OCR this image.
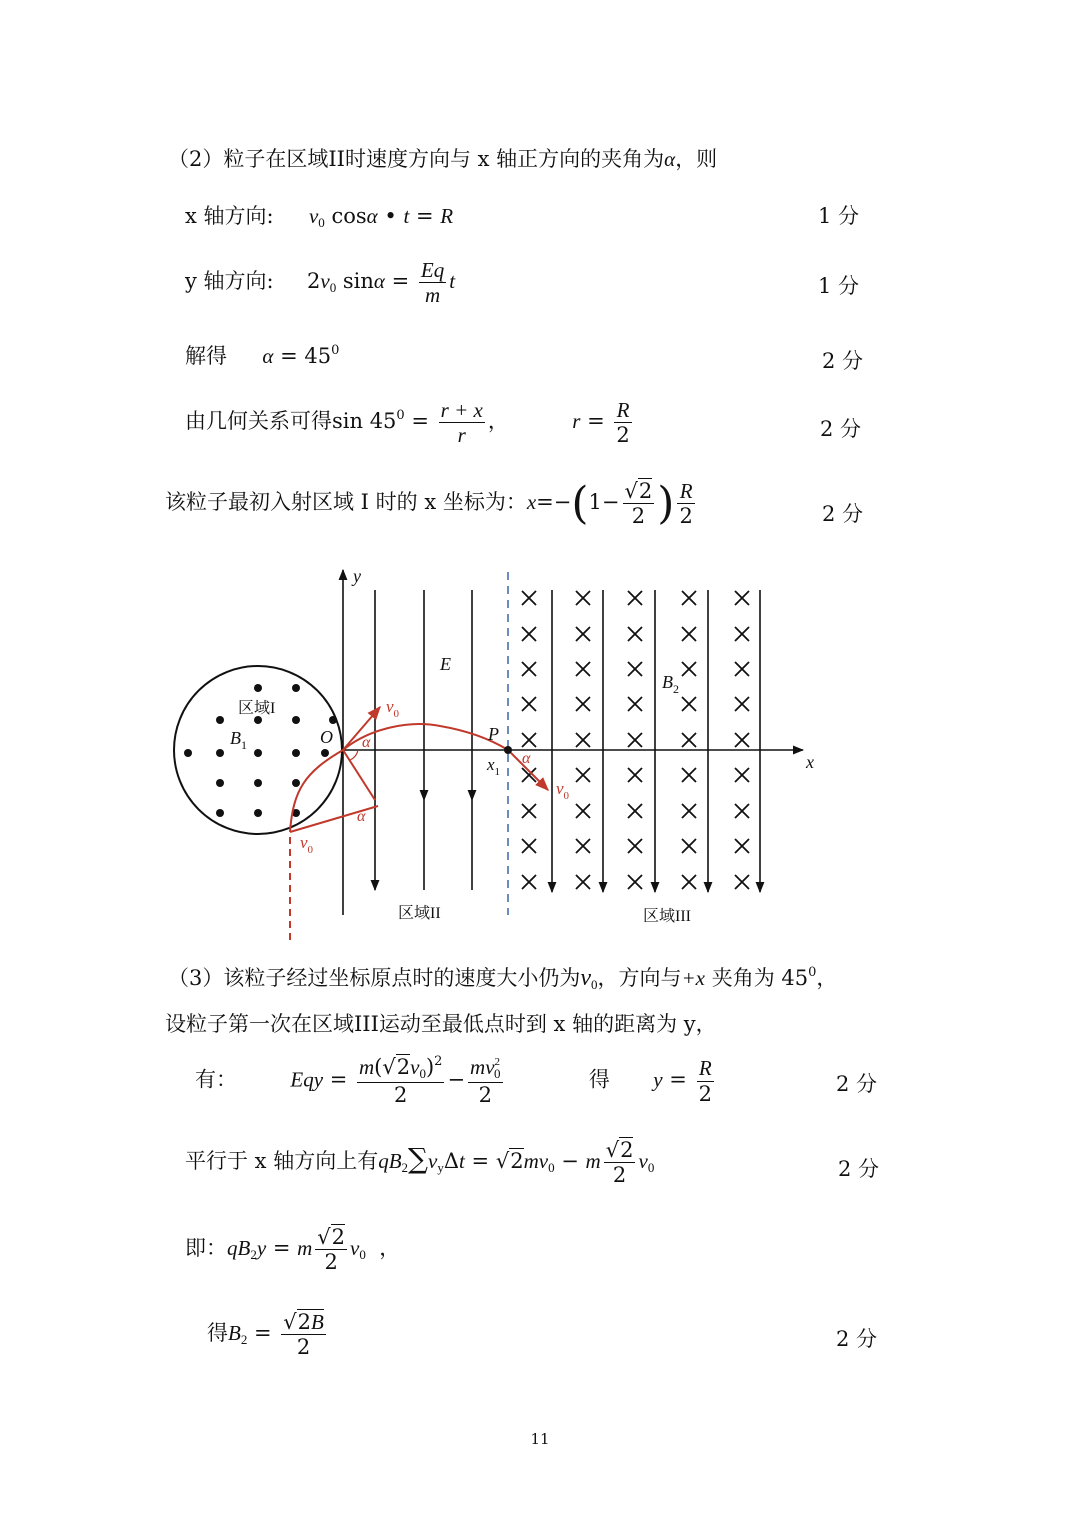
（2）粒子在区域II时速度方向与 x 轴正方向的夹角为α，则
x 轴方向: $v_0$ cosα • t = R	1 分
y 轴方向:  $2v_0$ $\sin\alpha = \frac{Eq}{m}$ t	1 分
解得 $\alpha = 45^0$	2 分
由几何关系可得$\sin 45^0 = \frac{r + x}{r}$ ，	$r = \frac{R}{2}$	2 分
该粒子最初入射区域 I 时的 x 坐标为：$x=-(1- \frac{√2}{2}$ ) $\frac{R}{2}$	2 分
y
x
E
$B_2$
区域I
$B_1$	O	P
$x_1$
$v_0$
$v_0$
$v_0$
α
α
α
区域II	区域III
（3）该粒子经过坐标原点时的速度大小仍为$v_0$，方向与+x 夹角为 $45^0$，
设粒子第一次在区域III运动至最低点时到 x 轴的距离为 y，
有：	Eqy = $\frac{m(√2v_0)^2}{2} - \frac{mv^2_0}{2}$	得 $y = \frac{R}{2}$	2 分
平行于 x 轴方向上有$qB_2\sum v_y\Delta t = √2mv_0 - m \frac{√2}{2} v_0$	2 分
即：$qB_2y = m \frac{√2}{2} v_0$  ，
得$B_2 = \frac{√2B}{2}$	2 分
11
